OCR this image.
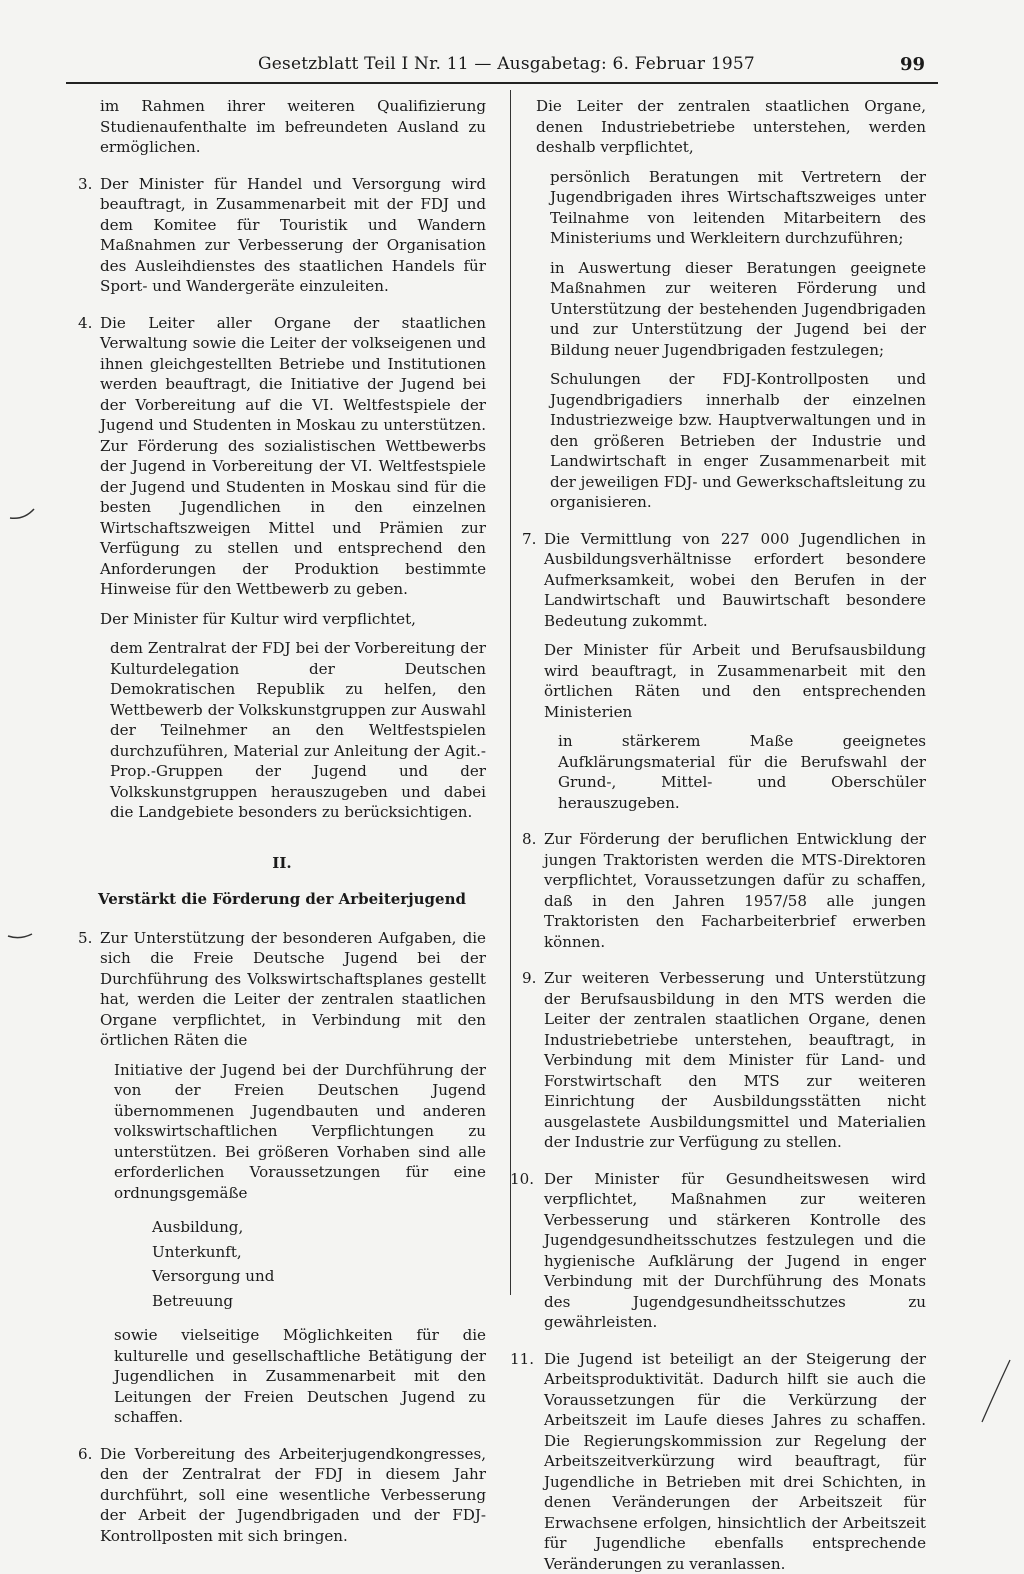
Gesetzblatt Teil I Nr. 11 — Ausgabetag: 6. Februar 1957	99

im Rahmen ihrer weiteren Qualifizierung Studienaufenthalte im befreundeten Ausland zu ermöglichen.

3. Der Minister für Handel und Versorgung wird beauftragt, in Zusammenarbeit mit der FDJ und dem Komitee für Touristik und Wandern Maßnahmen zur Verbesserung der Organisation des Ausleihdienstes des staatlichen Handels für Sport- und Wandergeräte einzuleiten.

4. Die Leiter aller Organe der staatlichen Verwaltung sowie die Leiter der volkseigenen und ihnen gleichgestellten Betriebe und Institutionen werden beauftragt, die Initiative der Jugend bei der Vorbereitung auf die VI. Weltfestspiele der Jugend und Studenten in Moskau zu unterstützen. Zur Förderung des sozialistischen Wettbewerbs der Jugend in Vorbereitung der VI. Weltfestspiele der Jugend und Studenten in Moskau sind für die besten Jugendlichen in den einzelnen Wirtschaftszweigen Mittel und Prämien zur Verfügung zu stellen und entsprechend den Anforderungen der Produktion bestimmte Hinweise für den Wettbewerb zu geben.

Der Minister für Kultur wird verpflichtet,

dem Zentralrat der FDJ bei der Vorbereitung der Kulturdelegation der Deutschen Demokratischen Republik zu helfen, den Wettbewerb der Volkskunstgruppen zur Auswahl der Teilnehmer an den Weltfestspielen durchzuführen, Material zur Anleitung der Agit.-Prop.-Gruppen der Jugend und der Volkskunstgruppen herauszugeben und dabei die Landgebiete besonders zu berücksichtigen.

II.
Verstärkt die Förderung der Arbeiterjugend
5. Zur Unterstützung der besonderen Aufgaben, die sich die Freie Deutsche Jugend bei der Durchführung des Volkswirtschaftsplanes gestellt hat, werden die Leiter der zentralen staatlichen Organe verpflichtet, in Verbindung mit den örtlichen Räten die

Initiative der Jugend bei der Durchführung der von der Freien Deutschen Jugend übernommenen Jugendbauten und anderen volkswirtschaftlichen Verpflichtungen zu unterstützen. Bei größeren Vorhaben sind alle erforderlichen Voraussetzungen für eine ordnungsgemäße

Ausbildung,
Unterkunft,
Versorgung und
Betreuung

sowie vielseitige Möglichkeiten für die kulturelle und gesellschaftliche Betätigung der Jugendlichen in Zusammenarbeit mit den Leitungen der Freien Deutschen Jugend zu schaffen.

6. Die Vorbereitung des Arbeiterjugendkongresses, den der Zentralrat der FDJ in diesem Jahr durchführt, soll eine wesentliche Verbesserung der Arbeit der Jugendbrigaden und der FDJ-Kontrollposten mit sich bringen.

Die Leiter der zentralen staatlichen Organe, denen Industriebetriebe unterstehen, werden deshalb verpflichtet,

persönlich Beratungen mit Vertretern der Jugendbrigaden ihres Wirtschaftszweiges unter Teilnahme von leitenden Mitarbeitern des Ministeriums und Werkleitern durchzuführen;

in Auswertung dieser Beratungen geeignete Maßnahmen zur weiteren Förderung und Unterstützung der bestehenden Jugendbrigaden und zur Unterstützung der Jugend bei der Bildung neuer Jugendbrigaden festzulegen;

Schulungen der FDJ-Kontrollposten und Jugendbrigadiers innerhalb der einzelnen Industriezweige bzw. Hauptverwaltungen und in den größeren Betrieben der Industrie und Landwirtschaft in enger Zusammenarbeit mit der jeweiligen FDJ- und Gewerkschaftsleitung zu organisieren.

7. Die Vermittlung von 227 000 Jugendlichen in Ausbildungsverhältnisse erfordert besondere Aufmerksamkeit, wobei den Berufen in der Landwirtschaft und Bauwirtschaft besondere Bedeutung zukommt.

Der Minister für Arbeit und Berufsausbildung wird beauftragt, in Zusammenarbeit mit den örtlichen Räten und den entsprechenden Ministerien

in stärkerem Maße geeignetes Aufklärungsmaterial für die Berufswahl der Grund-, Mittel- und Oberschüler herauszugeben.

8. Zur Förderung der beruflichen Entwicklung der jungen Traktoristen werden die MTS-Direktoren verpflichtet, Voraussetzungen dafür zu schaffen, daß in den Jahren 1957/58 alle jungen Traktoristen den Facharbeiterbrief erwerben können.

9. Zur weiteren Verbesserung und Unterstützung der Berufsausbildung in den MTS werden die Leiter der zentralen staatlichen Organe, denen Industriebetriebe unterstehen, beauftragt, in Verbindung mit dem Minister für Land- und Forstwirtschaft den MTS zur weiteren Einrichtung der Ausbildungsstätten nicht ausgelastete Ausbildungsmittel und Materialien der Industrie zur Verfügung zu stellen.

10. Der Minister für Gesundheitswesen wird verpflichtet, Maßnahmen zur weiteren Verbesserung und stärkeren Kontrolle des Jugendgesundheitsschutzes festzulegen und die hygienische Aufklärung der Jugend in enger Verbindung mit der Durchführung des Monats des Jugendgesundheitsschutzes zu gewährleisten.

11. Die Jugend ist beteiligt an der Steigerung der Arbeitsproduktivität. Dadurch hilft sie auch die Voraussetzungen für die Verkürzung der Arbeitszeit im Laufe dieses Jahres zu schaffen. Die Regierungskommission zur Regelung der Arbeitszeitverkürzung wird beauftragt, für Jugendliche in Betrieben mit drei Schichten, in denen Veränderungen der Arbeitszeit für Erwachsene erfolgen, hinsichtlich der Arbeitszeit für Jugendliche ebenfalls entsprechende Veränderungen zu veranlassen.
